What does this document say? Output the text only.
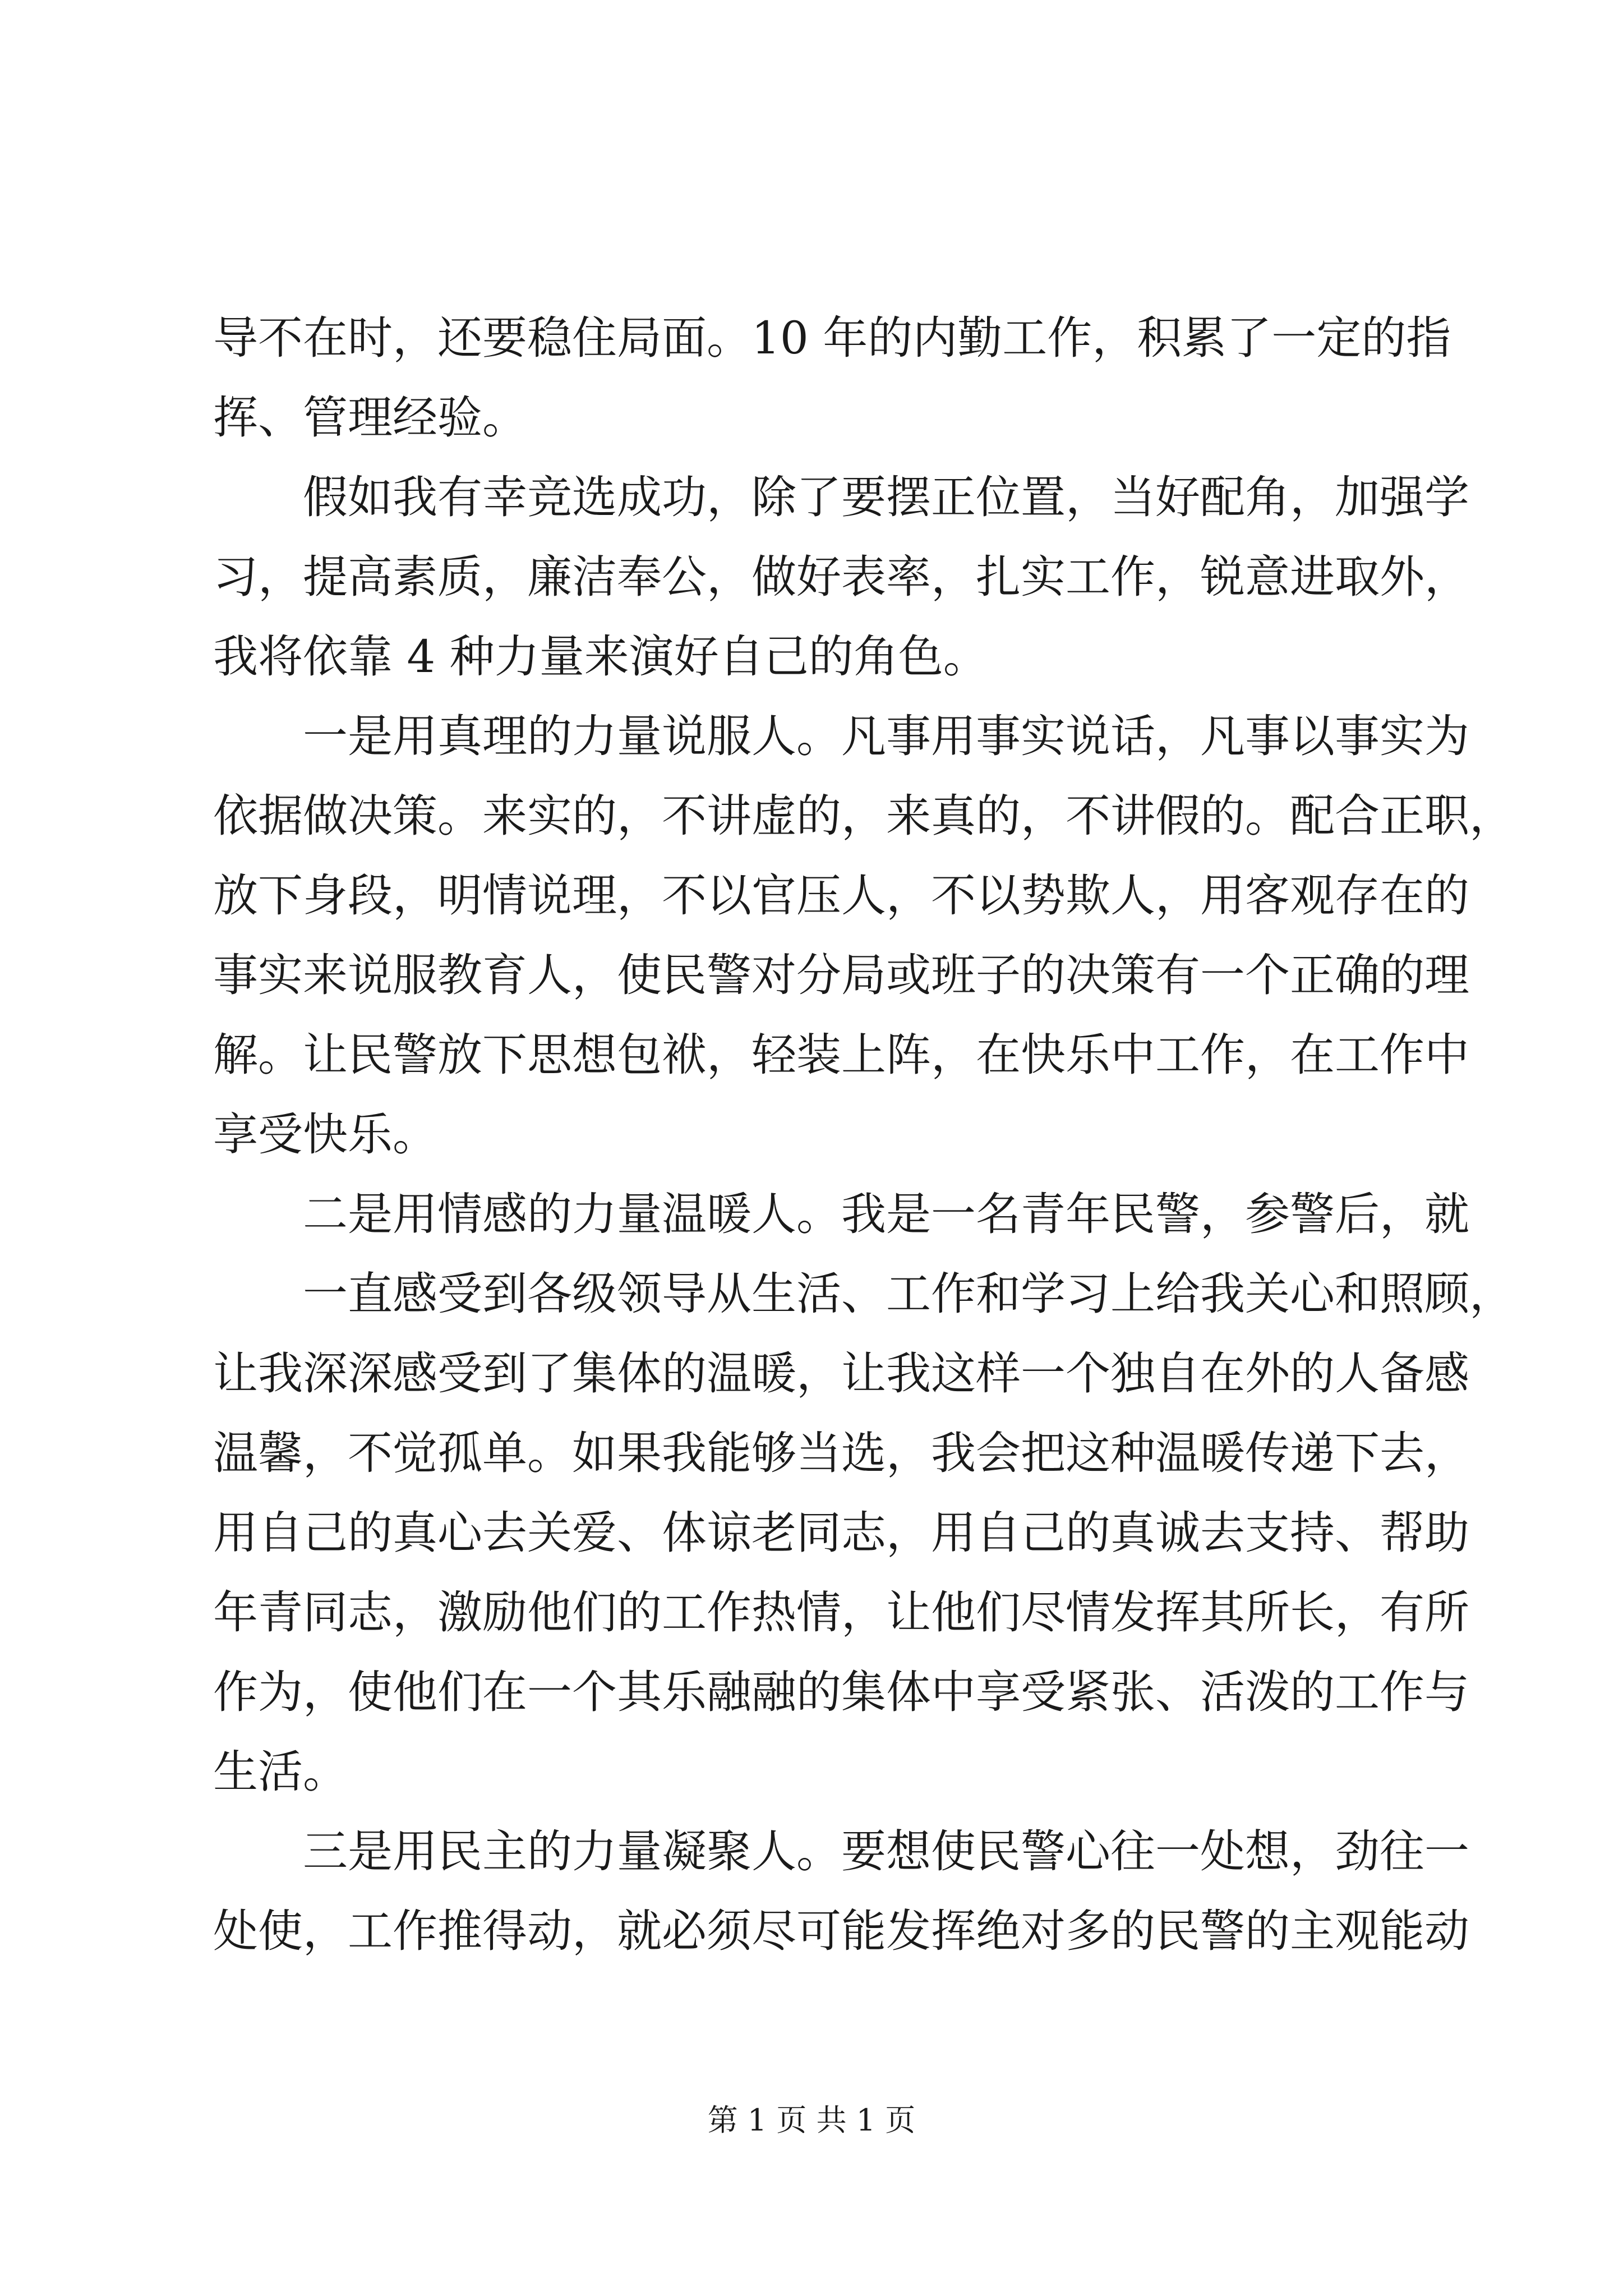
导不在时，还要稳住局面。10 年的内勤工作，积累了一定的指
挥、管理经验。
假如我有幸竞选成功，除了要摆正位置，当好配角，加强学
习，提高素质，廉洁奉公，做好表率，扎实工作，锐意进取外，
我将依靠 4 种力量来演好自己的角色。
一是用真理的力量说服人。凡事用事实说话，凡事以事实为
依据做决策。来实的，不讲虚的，来真的，不讲假的。配合正职，
放下身段，明情说理，不以官压人，不以势欺人，用客观存在的
事实来说服教育人，使民警对分局或班子的决策有一个正确的理
解。让民警放下思想包袱，轻装上阵，在快乐中工作，在工作中
享受快乐。
二是用情感的力量温暖人。我是一名青年民警，参警后，就
一直感受到各级领导从生活、工作和学习上给我关心和照顾，
让我深深感受到了集体的温暖，让我这样一个独自在外的人备感
温馨，不觉孤单。如果我能够当选，我会把这种温暖传递下去，
用自己的真心去关爱、体谅老同志，用自己的真诚去支持、帮助
年青同志，激励他们的工作热情，让他们尽情发挥其所长，有所
作为，使他们在一个其乐融融的集体中享受紧张、活泼的工作与
生活。
三是用民主的力量凝聚人。要想使民警心往一处想，劲往一
处使，工作推得动，就必须尽可能发挥绝对多的民警的主观能动
第 1 页 共 1 页
